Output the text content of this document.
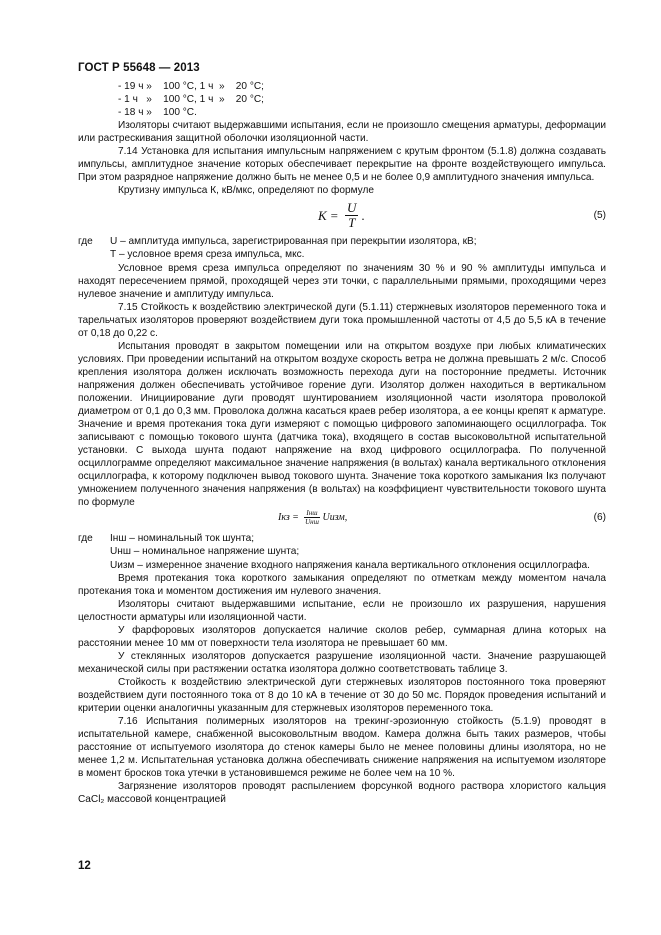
ГОСТ Р 55648 — 2013
- 19 ч »    100 °С, 1 ч  »    20 °С;
- 1 ч   »    100 °С, 1 ч  »    20 °С;
- 18 ч »    100 °С.

Изоляторы считают выдержавшими испытания, если не произошло смещения арматуры, деформации или растрескивания защитной оболочки изоляционной части.

7.14 Установка для испытания импульсным напряжением с крутым фронтом (5.1.8) должна создавать импульсы, амплитудное значение которых обеспечивает перекрытие на фронте воздействующего импульса. При этом разрядное напряжение должно быть не менее 0,5 и не более 0,9 амплитудного значения импульса.

Крутизну импульса К, кВ/мкс, определяют по формуле

$K = \frac{U}{T}$ .	(5)
где	U – амплитуда импульса, зарегистрированная при перекрытии изолятора, кВ;

Т – условное время среза импульса, мкс.

Условное время среза импульса определяют по значениям 30 % и 90 % амплитуды импульса и находят пересечением прямой, проходящей через эти точки, с параллельными прямыми, проходящими через нулевое значение и амплитуду импульса.

7.15 Стойкость к воздействию электрической дуги (5.1.11) стержневых изоляторов переменного тока и тарельчатых изоляторов проверяют воздействием дуги тока промышленной частоты от 4,5 до 5,5 кА в течение от 0,18 до 0,22 с.

Испытания проводят в закрытом помещении или на открытом воздухе при любых климатических условиях. При проведении испытаний на открытом воздухе скорость ветра не должна превышать 2 м/с. Способ крепления изолятора должен исключать возможность перехода дуги на посторонние предметы. Источник напряжения должен обеспечивать устойчивое горение дуги. Изолятор должен находиться в вертикальном положении. Инициирование дуги проводят шунтированием изоляционной части изолятора проволокой диаметром от 0,1 до 0,3 мм. Проволока должна касаться краев ребер изолятора, а ее концы крепят к арматуре. Значение и время протекания тока дуги измеряют с помощью цифрового запоминающего осциллографа. Ток записывают с помощью токового шунта (датчика тока), входящего в состав высоковольтной испытательной установки. С выхода шунта подают напряжение на вход цифрового осциллографа. По полученной осциллограмме определяют максимальное значение напряжения (в вольтах) канала вертикального отклонения осциллографа, к которому подключен вывод токового шунта. Значение тока короткого замыкания Iкз получают умножением полученного значения напряжения (в вольтах) на коэффициент чувствительности токового шунта по формуле

Iкз = $\frac{\text{Iнш}}{\text{Uнш}}$ Uизм,	(6)
где	Iнш – номинальный ток шунта;

Uнш – номинальное напряжение шунта;

Uизм – измеренное значение входного напряжения канала вертикального отклонения осциллографа.

Время протекания тока короткого замыкания определяют по отметкам между моментом начала протекания тока и моментом достижения им нулевого значения.

Изоляторы считают выдержавшими испытание, если не произошло их разрушения, нарушения целостности арматуры или изоляционной части.

У фарфоровых изоляторов допускается наличие сколов ребер, суммарная длина которых на расстоянии менее 10 мм от поверхности тела изолятора не превышает 60 мм.

У стеклянных изоляторов допускается разрушение изоляционной части. Значение разрушающей механической силы при растяжении остатка изолятора должно соответствовать таблице 3.

Стойкость к воздействию электрической дуги стержневых изоляторов постоянного тока проверяют воздействием дуги постоянного тока от 8 до 10 кА в течение от 30 до 50 мс. Порядок проведения испытаний и критерии оценки аналогичны указанным для стержневых изоляторов переменного тока.

7.16 Испытания полимерных изоляторов на трекинг-эрозионную стойкость (5.1.9) проводят в испытательной камере, снабженной высоковольтным вводом. Камера должна быть таких размеров, чтобы расстояние от испытуемого изолятора до стенок камеры было не менее половины длины изолятора, но не менее 1,2 м. Испытательная установка должна обеспечивать снижение напряжения на испытуемом изоляторе в момент бросков тока утечки в установившемся режиме не более чем на 10 %.

Загрязнение изоляторов проводят распылением форсункой водного раствора хлористого кальция CaCl₂ массовой концентрацией

12
